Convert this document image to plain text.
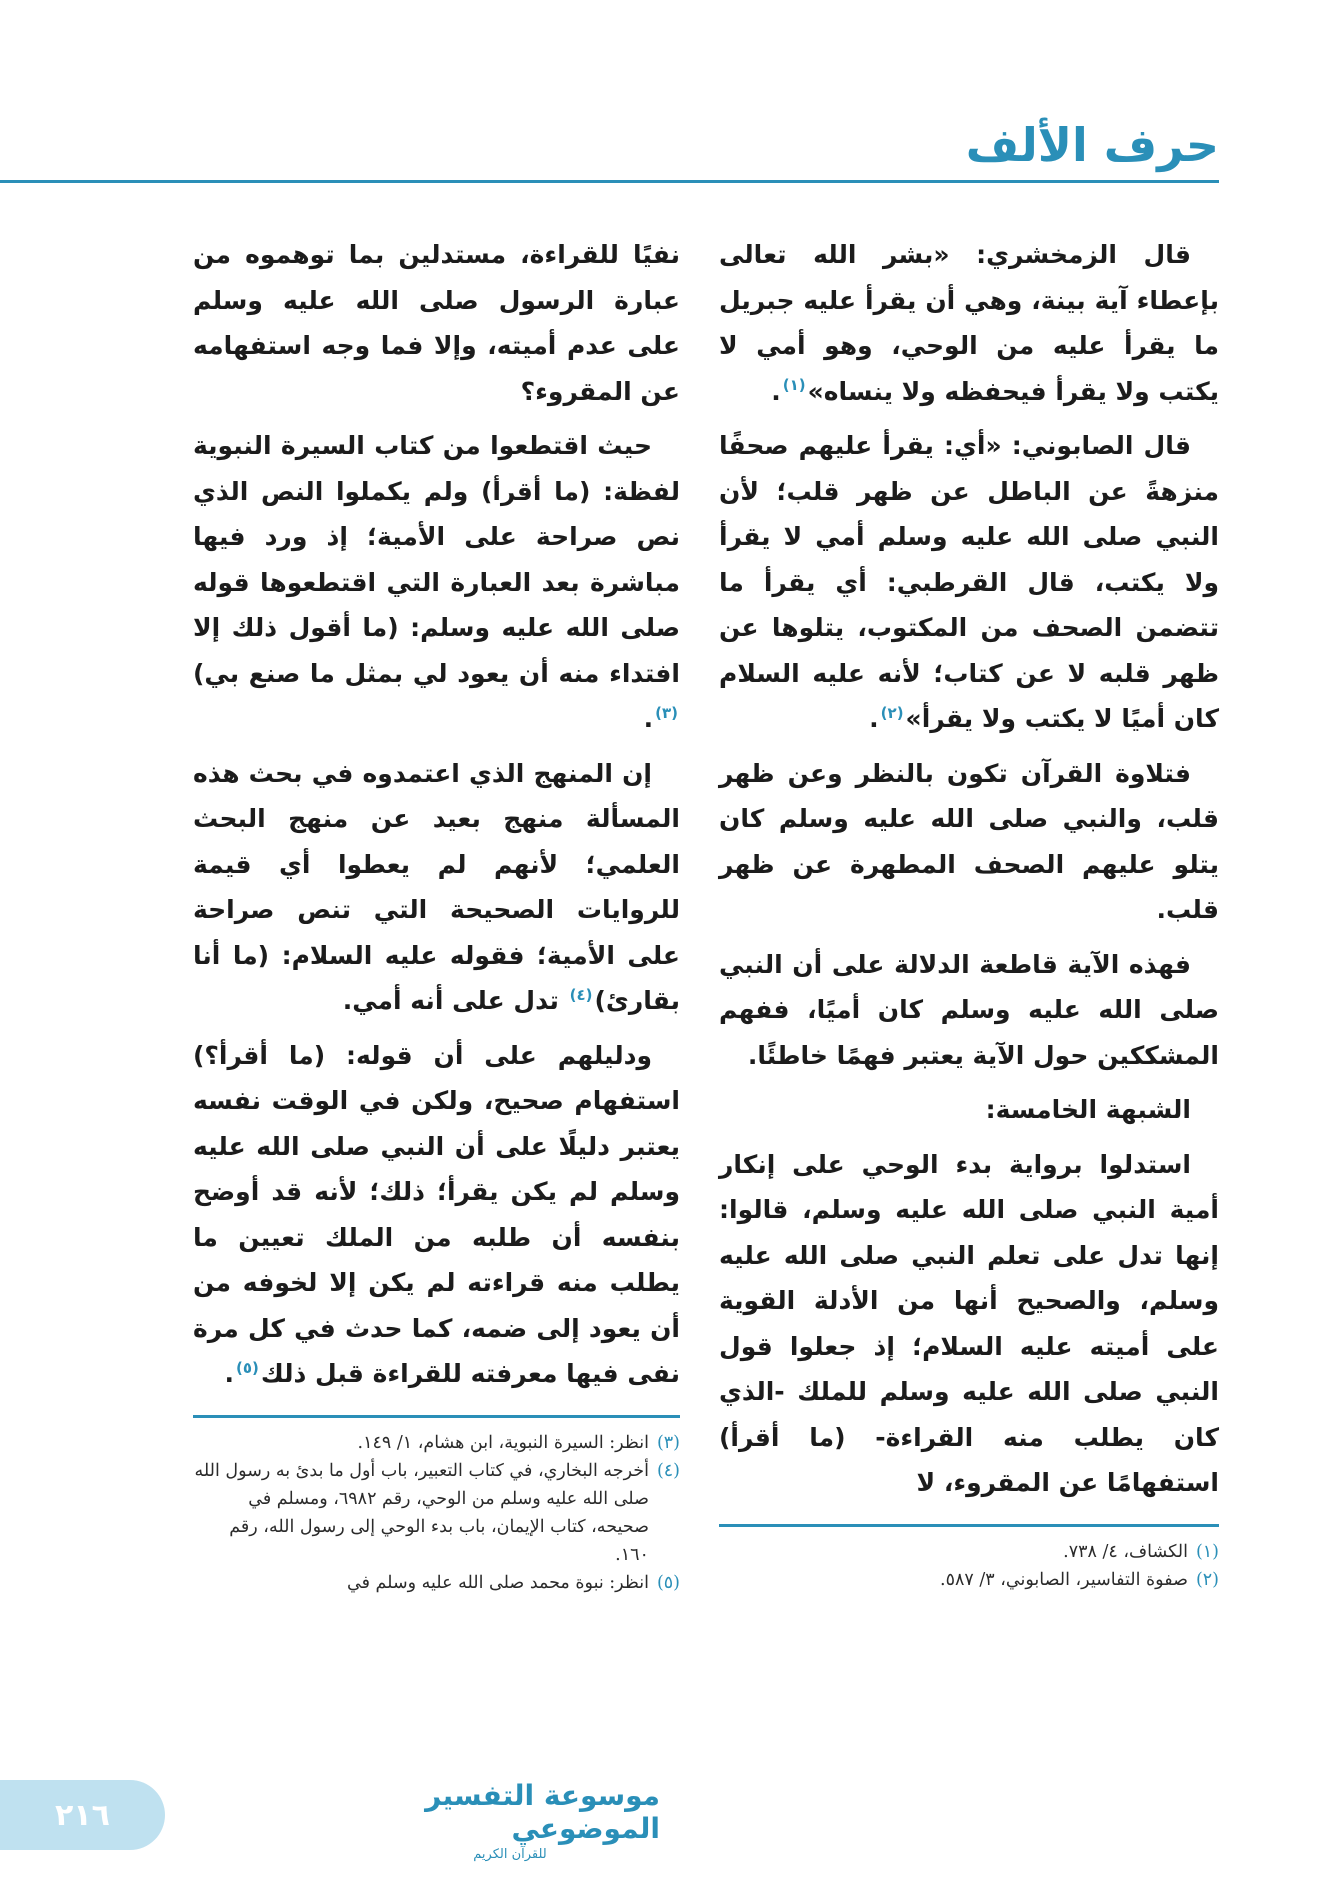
حرف الألف

قال الزمخشري: «بشر الله تعالى بإعطاء آية بينة، وهي أن يقرأ عليه جبريل ما يقرأ عليه من الوحي، وهو أمي لا يكتب ولا يقرأ فيحفظه ولا ينساه»$^{(١)}$.

قال الصابوني: «أي: يقرأ عليهم صحفًا منزهةً عن الباطل عن ظهر قلب؛ لأن النبي صلى الله عليه وسلم أمي لا يقرأ ولا يكتب، قال القرطبي: أي يقرأ ما تتضمن الصحف من المكتوب، يتلوها عن ظهر قلبه لا عن كتاب؛ لأنه عليه السلام كان أميًا لا يكتب ولا يقرأ»$^{(٢)}$.

فتلاوة القرآن تكون بالنظر وعن ظهر قلب، والنبي صلى الله عليه وسلم كان يتلو عليهم الصحف المطهرة عن ظهر قلب.

فهذه الآية قاطعة الدلالة على أن النبي صلى الله عليه وسلم كان أميًا، ففهم المشككين حول الآية يعتبر فهمًا خاطئًا.

الشبهة الخامسة:

استدلوا برواية بدء الوحي على إنكار أمية النبي صلى الله عليه وسلم، قالوا: إنها تدل على تعلم النبي صلى الله عليه وسلم، والصحيح أنها من الأدلة القوية على أميته عليه السلام؛ إذ جعلوا قول النبي صلى الله عليه وسلم للملك -الذي كان يطلب منه القراءة- (ما أقرأ) استفهامًا عن المقروء، لا

نفيًا للقراءة، مستدلين بما توهموه من عبارة الرسول صلى الله عليه وسلم على عدم أميته، وإلا فما وجه استفهامه عن المقروء؟

حيث اقتطعوا من كتاب السيرة النبوية لفظة: (ما أقرأ) ولم يكملوا النص الذي نص صراحة على الأمية؛ إذ ورد فيها مباشرة بعد العبارة التي اقتطعوها قوله صلى الله عليه وسلم: (ما أقول ذلك إلا افتداء منه أن يعود لي بمثل ما صنع بي)$^{(٣)}$.

إن المنهج الذي اعتمدوه في بحث هذه المسألة منهج بعيد عن منهج البحث العلمي؛ لأنهم لم يعطوا أي قيمة للروايات الصحيحة التي تنص صراحة على الأمية؛ فقوله عليه السلام: (ما أنا بقارئ)$^{(٤)}$ تدل على أنه أمي.

ودليلهم على أن قوله: (ما أقرأ؟) استفهام صحيح، ولكن في الوقت نفسه يعتبر دليلًا على أن النبي صلى الله عليه وسلم لم يكن يقرأ؛ ذلك؛ لأنه قد أوضح بنفسه أن طلبه من الملك تعيين ما يطلب منه قراءته لم يكن إلا لخوفه من أن يعود إلى ضمه، كما حدث في كل مرة نفى فيها معرفته للقراءة قبل ذلك$^{(٥)}$.

(٣)
انظر: السيرة النبوية، ابن هشام، ١/ ١٤٩.
(٤)
أخرجه البخاري، في كتاب التعبير، باب أول ما بدئ به رسول الله صلى الله عليه وسلم من الوحي، رقم ٦٩٨٢، ومسلم في صحيحه، كتاب الإيمان، باب بدء الوحي إلى رسول الله، رقم ١٦٠.
(٥)
انظر: نبوة محمد صلى الله عليه وسلم في
(١)
الكشاف، ٤/ ٧٣٨.
(٢)
صفوة التفاسير، الصابوني، ٣/ ٥٨٧.
٢١٦
موسوعة التفسير الموضوعي
للقرآن الكريم
